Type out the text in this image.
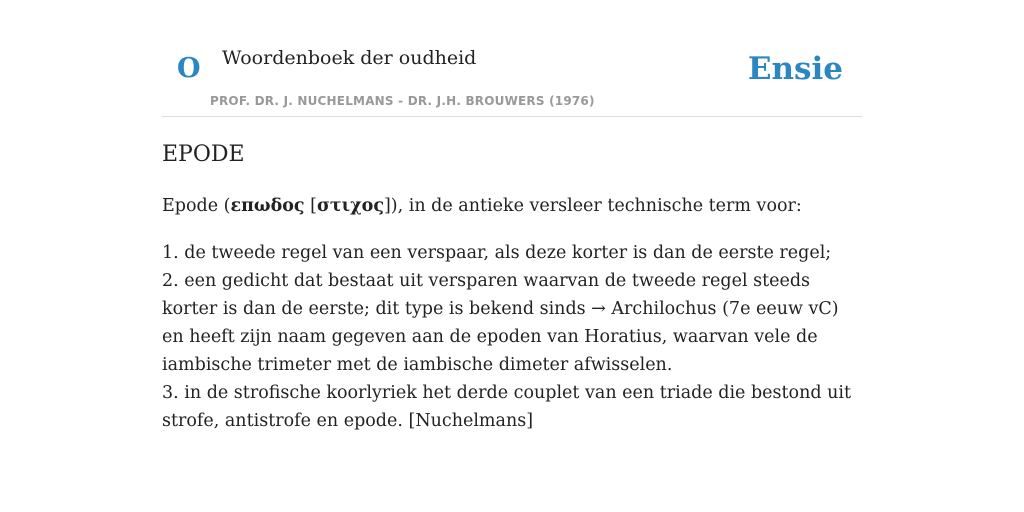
O Woordenboek der oudheid
PROF. DR. J. NUCHELMANS - DR. J.H. BROUWERS (1976)
Ensie
EPODE

Epode (επωδος [στιχος]), in de antieke versleer technische term voor:

1. de tweede regel van een verspaar, als deze korter is dan de eerste regel;

2. een gedicht dat bestaat uit versparen waarvan de tweede regel steeds korter is dan de eerste; dit type is bekend sinds → Archilochus (7e eeuw vC) en heeft zijn naam gegeven aan de epoden van Horatius, waarvan vele de iambische trimeter met de iambische dimeter afwisselen.

3. in de strofische koorlyriek het derde couplet van een triade die bestond uit strofe, antistrofe en epode. [Nuchelmans]
